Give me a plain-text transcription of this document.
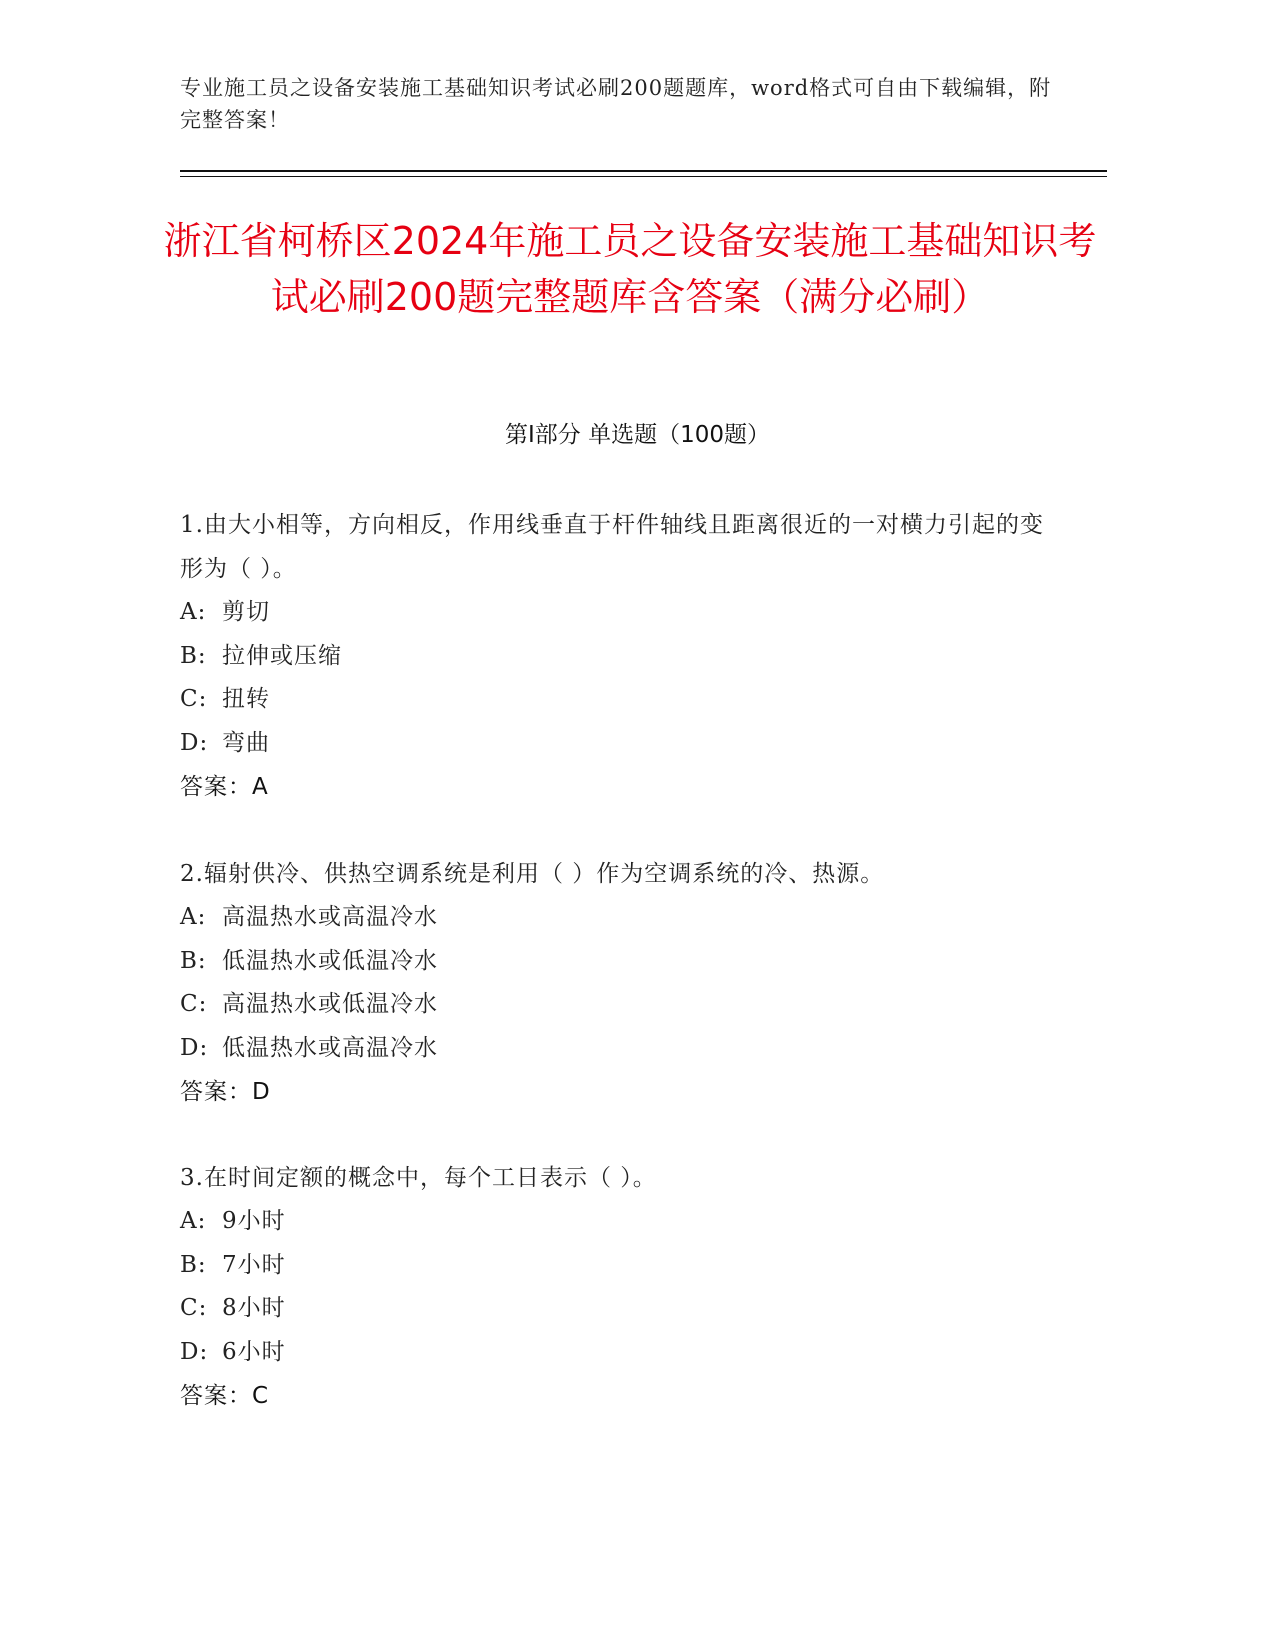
专业施工员之设备安装施工基础知识考试必刷200题题库，word格式可自由下载编辑，附完整答案！
浙江省柯桥区2024年施工员之设备安装施工基础知识考试必刷200题完整题库含答案（满分必刷）
第Ⅰ部分 单选题（100题）
1.由大小相等，方向相反，作用线垂直于杆件轴线且距离很近的一对横力引起的变形为（ ）。
A: 剪切
B: 拉伸或压缩
C: 扭转
D: 弯曲
答案：A
2.辐射供冷、供热空调系统是利用（ ）作为空调系统的冷、热源。
A: 高温热水或高温冷水
B: 低温热水或低温冷水
C: 高温热水或低温冷水
D: 低温热水或高温冷水
答案：D
3.在时间定额的概念中，每个工日表示（ ）。
A: 9小时
B: 7小时
C: 8小时
D: 6小时
答案：C
